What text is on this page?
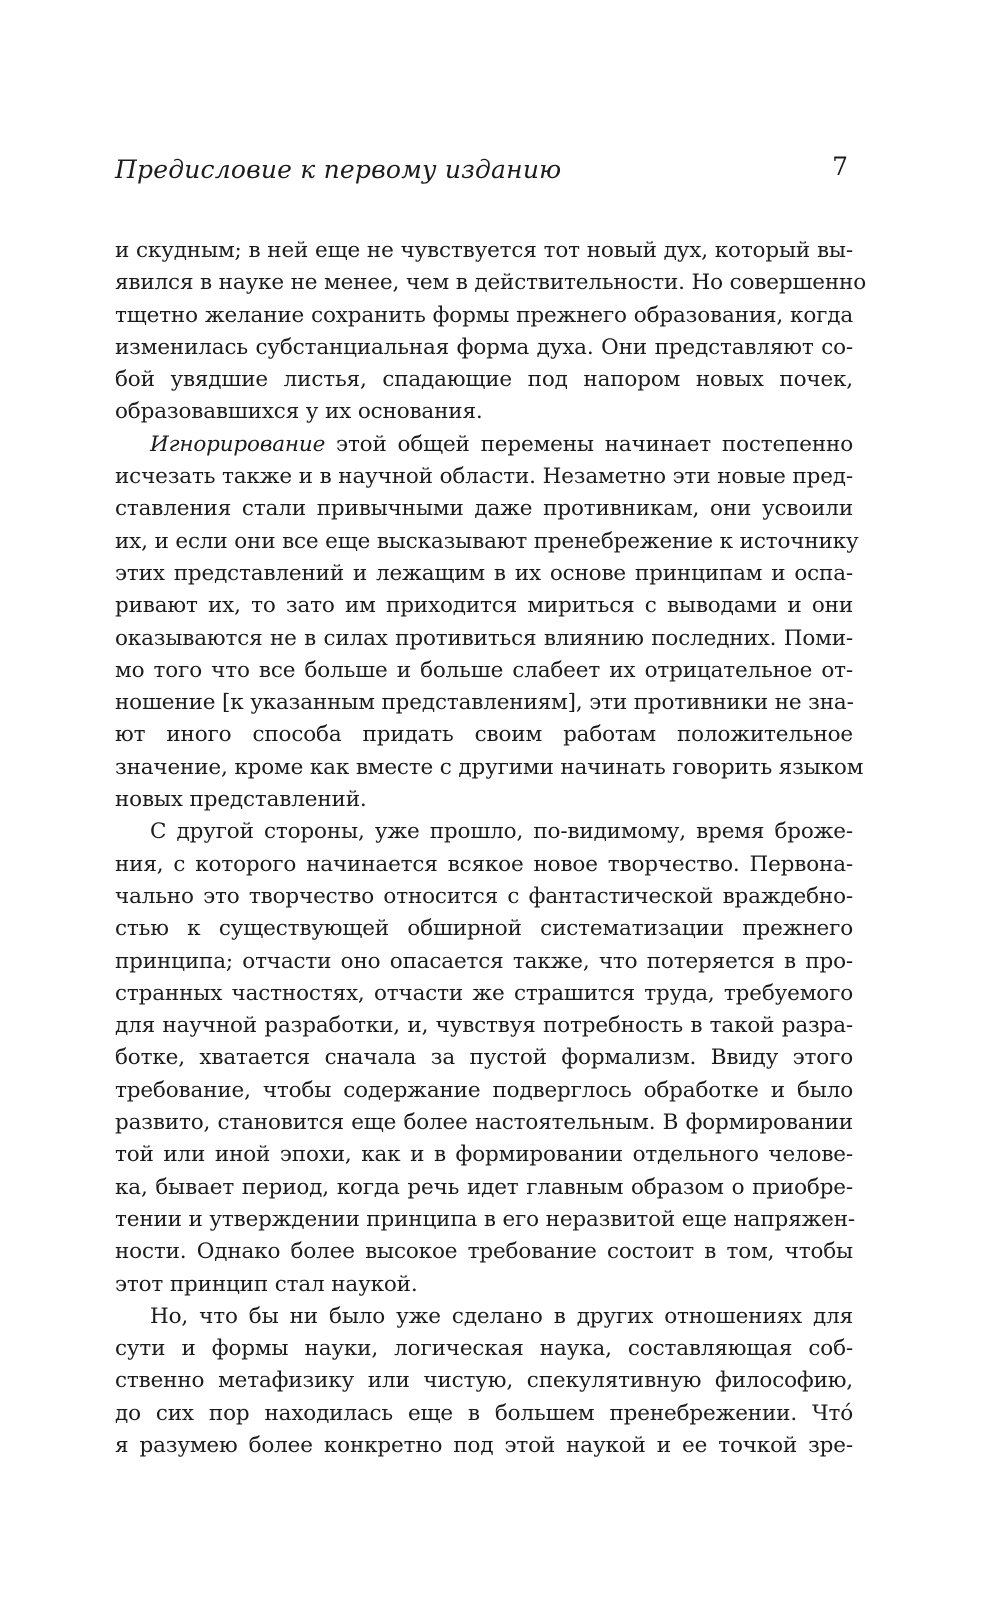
Предисловие к первому изданию	7
и скудным; в ней еще не чувствуется тот новый дух, который вы-
явился в науке не менее, чем в действительности. Но совершенно
тщетно желание сохранить формы прежнего образования, когда
изменилась субстанциальная форма духа. Они представляют со-
бой увядшие листья, спадающие под напором новых почек,
образовавшихся у их основания.
Игнорирование этой общей перемены начинает постепенно
исчезать также и в научной области. Незаметно эти новые пред-
ставления стали привычными даже противникам, они усвоили
их, и если они все еще высказывают пренебрежение к источнику
этих представлений и лежащим в их основе принципам и оспа-
ривают их, то зато им приходится мириться с выводами и они
оказываются не в силах противиться влиянию последних. Поми-
мо того что все больше и больше слабеет их отрицательное от-
ношение [к указанным представлениям], эти противники не зна-
ют иного способа придать своим работам положительное
значение, кроме как вместе с другими начинать говорить языком
новых представлений.
С другой стороны, уже прошло, по-видимому, время броже-
ния, с которого начинается всякое новое творчество. Первона-
чально это творчество относится с фантастической враждебно-
стью к существующей обширной систематизации прежнего
принципа; отчасти оно опасается также, что потеряется в про-
странных частностях, отчасти же страшится труда, требуемого
для научной разработки, и, чувствуя потребность в такой разра-
ботке, хватается сначала за пустой формализм. Ввиду этого
требование, чтобы содержание подверглось обработке и было
развито, становится еще более настоятельным. В формировании
той или иной эпохи, как и в формировании отдельного челове-
ка, бывает период, когда речь идет главным образом о приобре-
тении и утверждении принципа в его неразвитой еще напряжен-
ности. Однако более высокое требование состоит в том, чтобы
этот принцип стал наукой.
Но, что бы ни было уже сделано в других отношениях для
сути и формы науки, логическая наука, составляющая соб-
ственно метафизику или чистую, спекулятивную философию,
до сих пор находилась еще в большем пренебрежении. Чтó
я разумею более конкретно под этой наукой и ее точкой зре-
